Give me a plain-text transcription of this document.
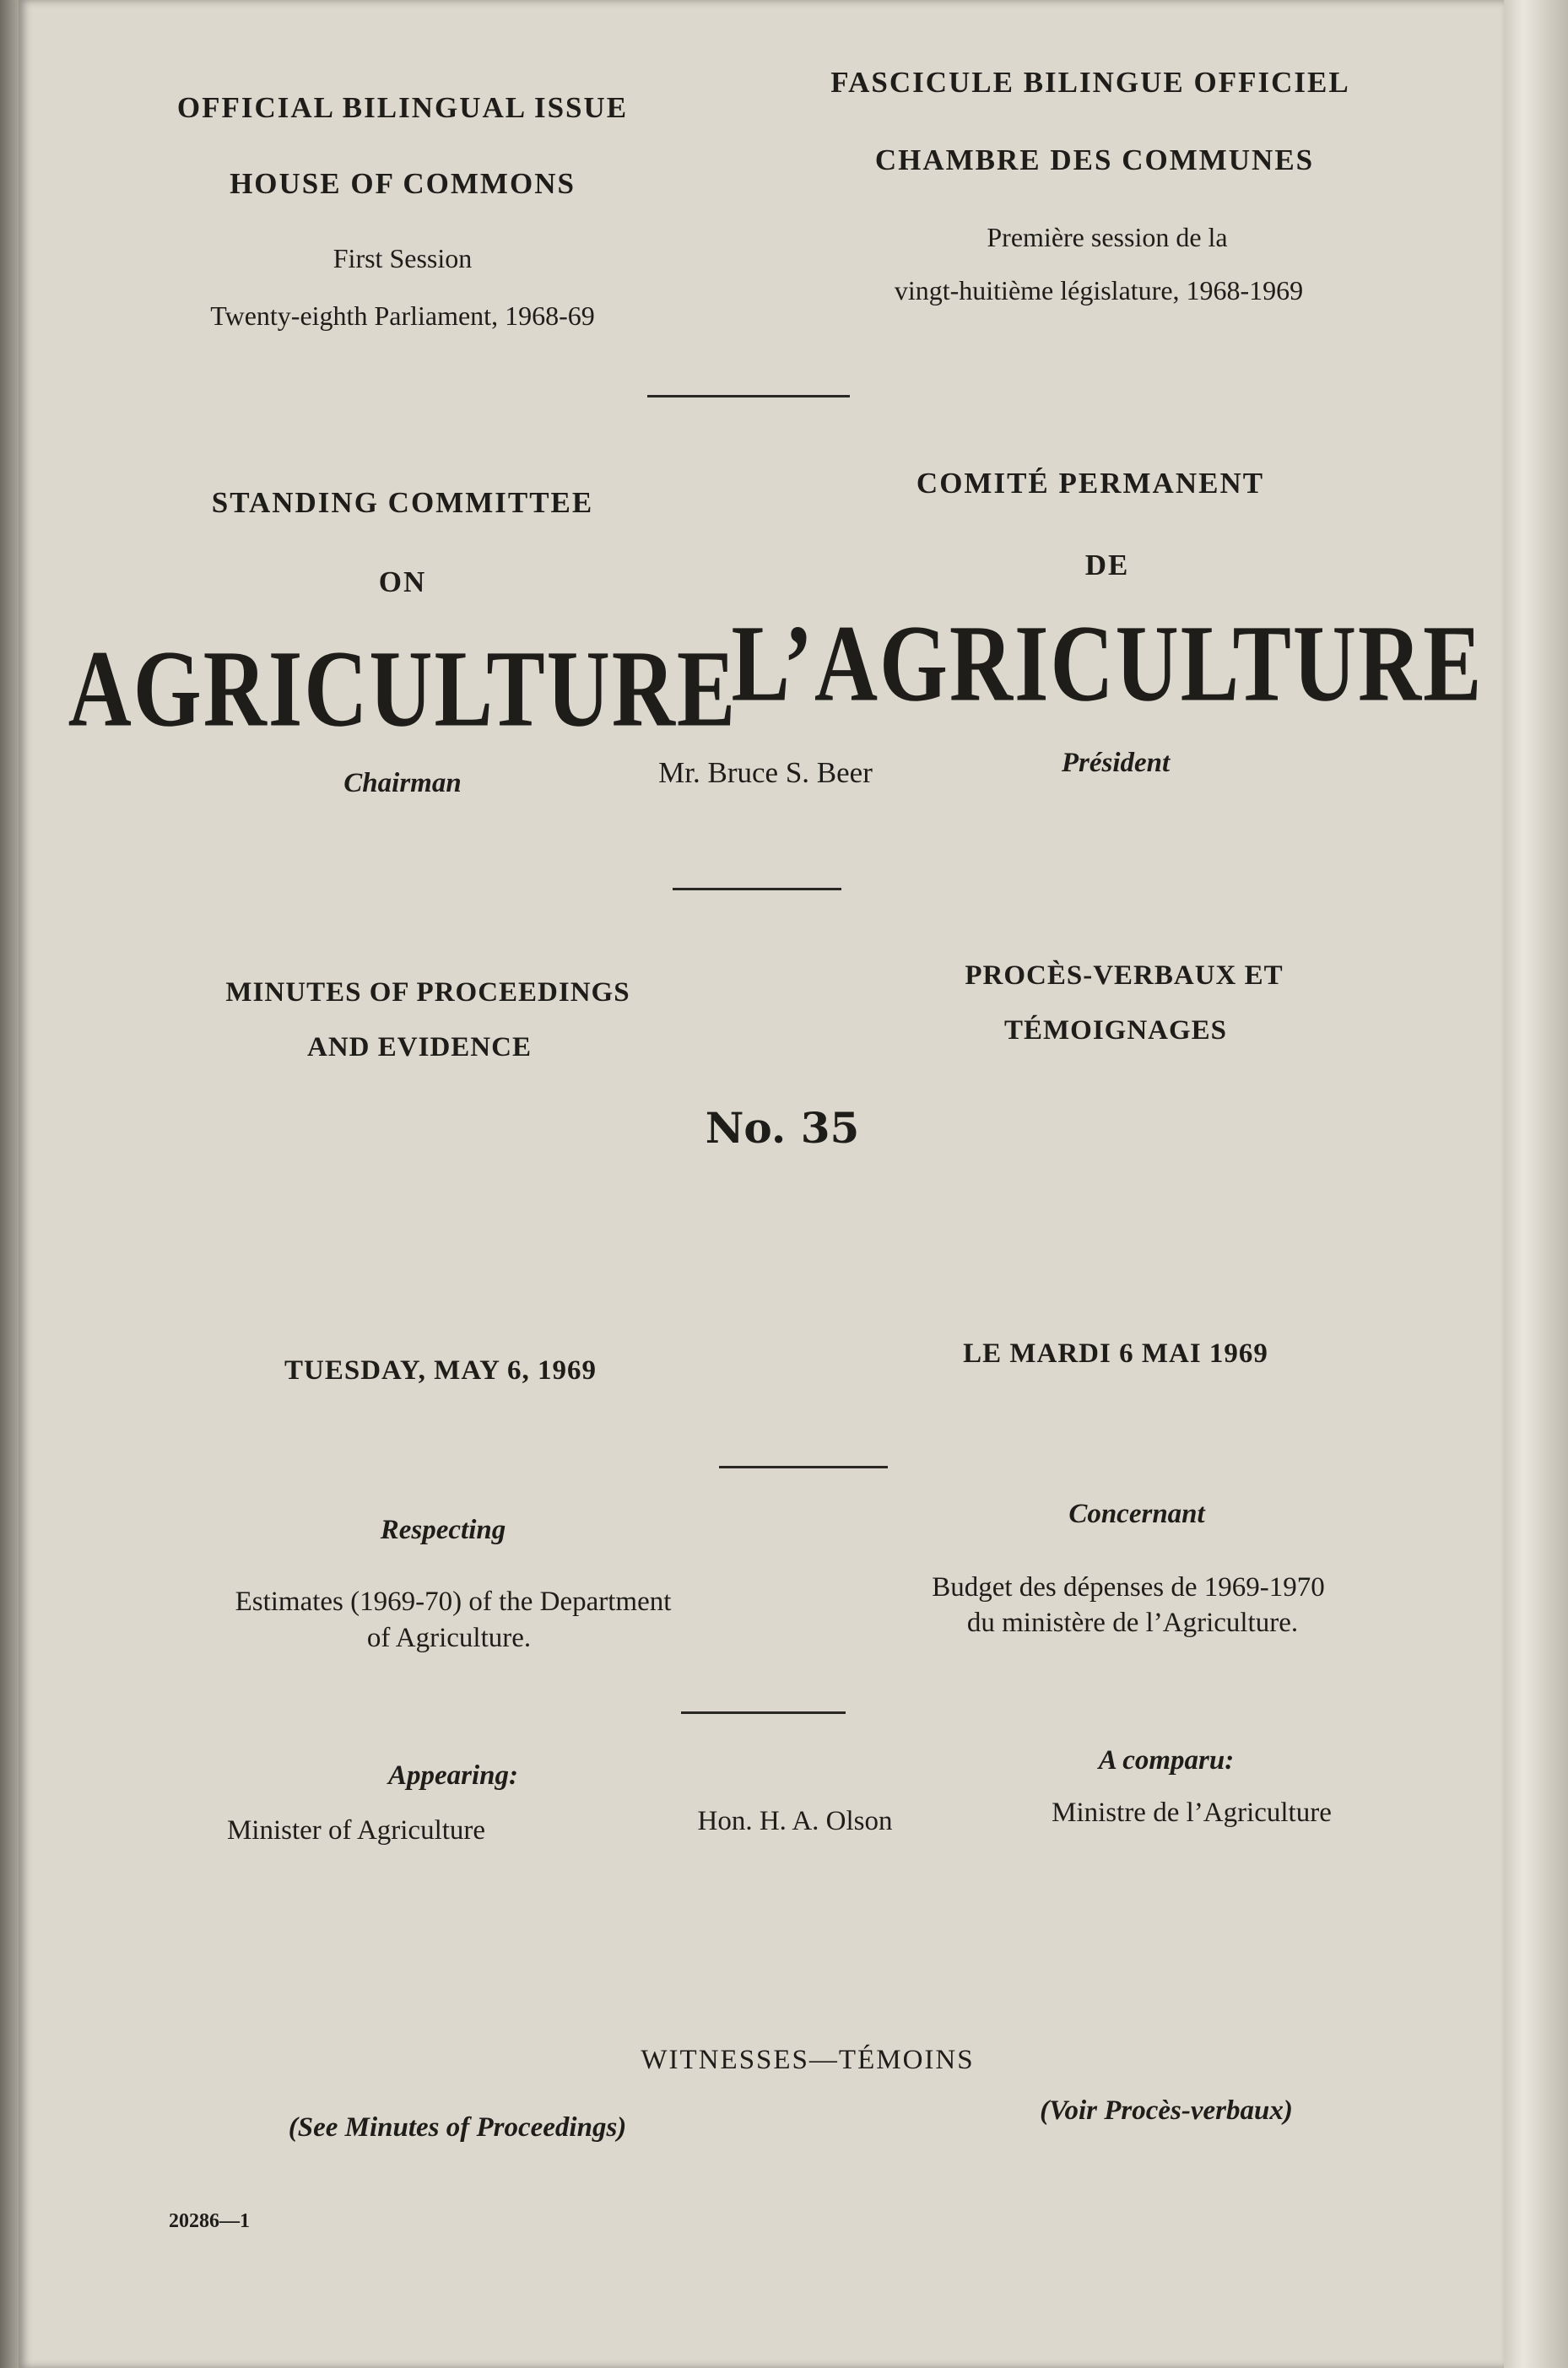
OFFICIAL BILINGUAL ISSUE
FASCICULE BILINGUE OFFICIEL
HOUSE OF COMMONS
CHAMBRE DES COMMUNES
First Session
Première session de la
Twenty-eighth Parliament, 1968-69
vingt-huitième législature, 1968-1969
STANDING COMMITTEE
COMITÉ PERMANENT
ON
DE
AGRICULTURE
L’AGRICULTURE
Chairman	Mr. Bruce S. Beer	Président
MINUTES OF PROCEEDINGS
PROCÈS-VERBAUX ET
AND EVIDENCE
TÉMOIGNAGES
No. 35
TUESDAY, MAY 6, 1969
LE MARDI 6 MAI 1969
Respecting
Concernant
Estimates (1969-70) of the Department	Budget des dépenses de 1969-1970
of Agriculture.	du ministère de l’Agriculture.
Appearing:	A comparu:
Minister of Agriculture	Hon. H. A. Olson	Ministre de l’Agriculture
WITNESSES—TÉMOINS
(See Minutes of Proceedings)
(Voir Procès-verbaux)
20286—1
